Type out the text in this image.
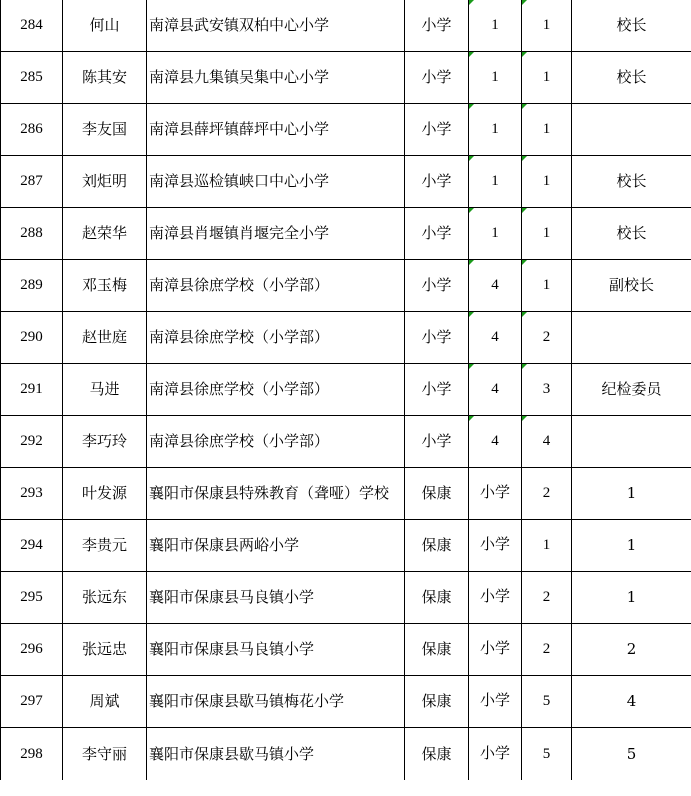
284	何山	南漳县武安镇双柏中心小学	小学	1	1	校长
285	陈其安	南漳县九集镇吴集中心小学	小学	1	1	校长
286	李友国	南漳县薛坪镇薛坪中心小学	小学	1	1	
287	刘炬明	南漳县巡检镇峡口中心小学	小学	1	1	校长
288	赵荣华	南漳县肖堰镇肖堰完全小学	小学	1	1	校长
289	邓玉梅	南漳县徐庶学校（小学部）	小学	4	1	副校长
290	赵世庭	南漳县徐庶学校（小学部）	小学	4	2	
291	马进	南漳县徐庶学校（小学部）	小学	4	3	纪检委员
292	李巧玲	南漳县徐庶学校（小学部）	小学	4	4	
293	叶发源	襄阳市保康县特殊教育（聋哑）学校	保康	小学	2	1
294	李贵元	襄阳市保康县两峪小学	保康	小学	1	1
295	张远东	襄阳市保康县马良镇小学	保康	小学	2	1
296	张远忠	襄阳市保康县马良镇小学	保康	小学	2	2
297	周斌	襄阳市保康县歇马镇梅花小学	保康	小学	5	4
298	李守丽	襄阳市保康县歇马镇小学	保康	小学	5	5
